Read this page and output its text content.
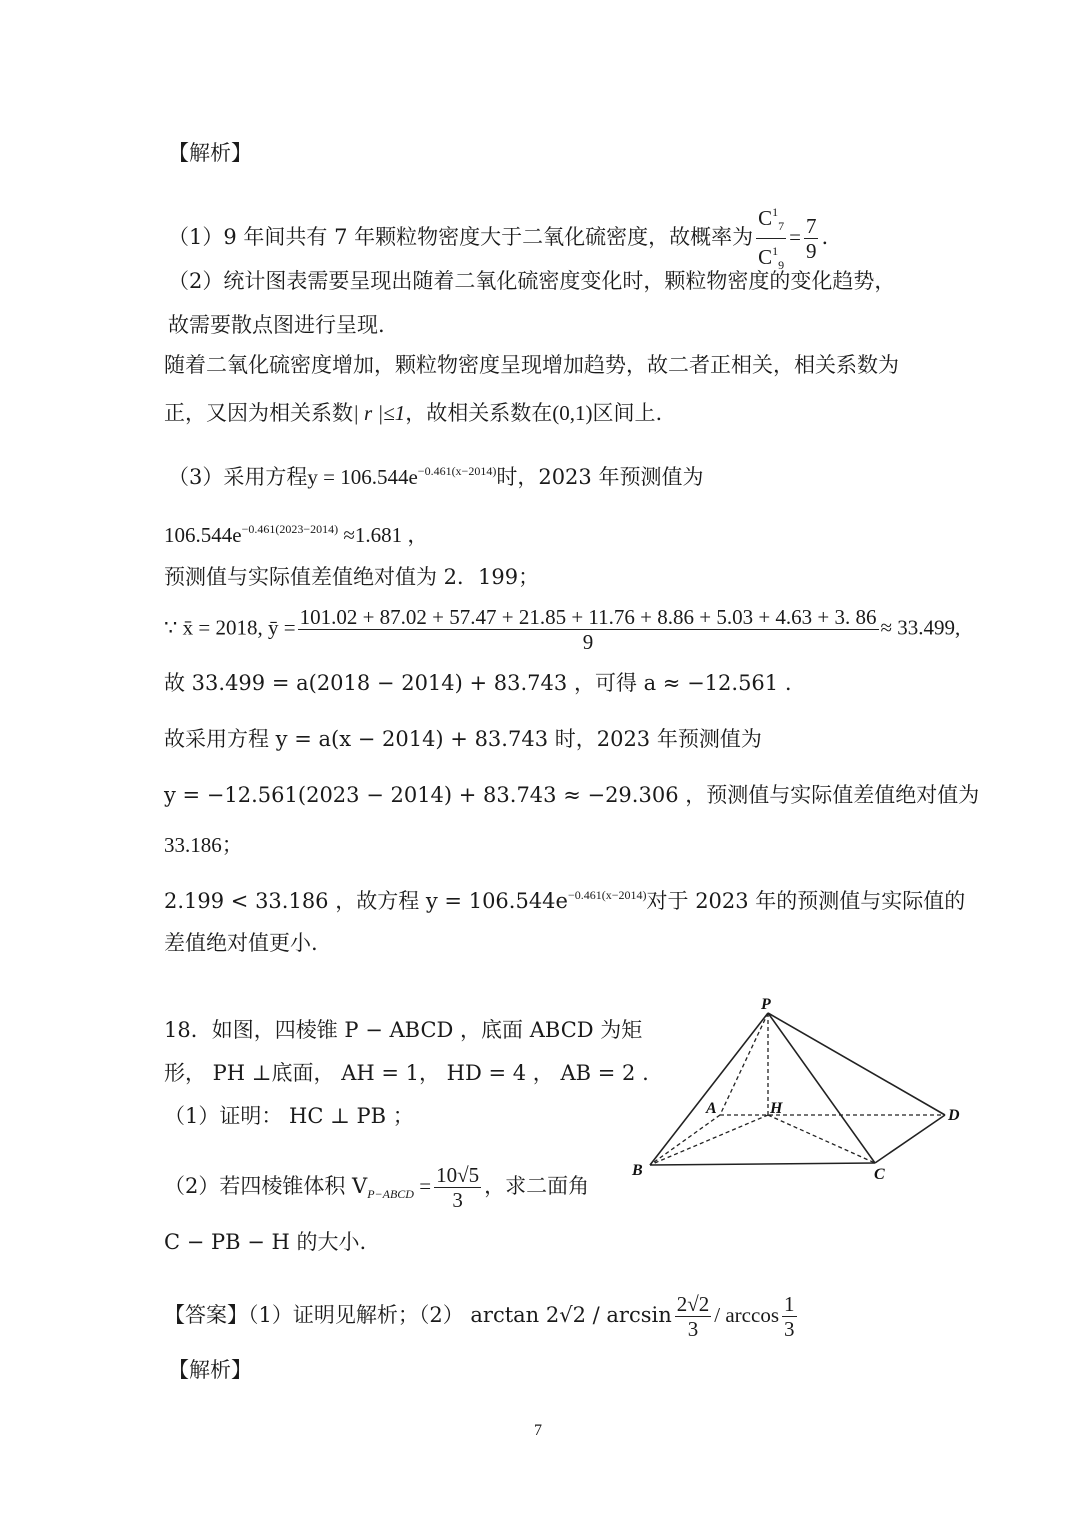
【解析】
（1）9 年间共有 7 年颗粒物密度大于二氧化硫密度，故概率为 $\frac{C^1_7}{C^1_9} = \frac{7}{9}$ .
（2）统计图表需要呈现出随着二氧化硫密度变化时，颗粒物密度的变化趋势，
故需要散点图进行呈现.
随着二氧化硫密度增加，颗粒物密度呈现增加趋势，故二者正相关，相关系数为
正，又因为相关系数| r |≤1，故相关系数在(0,1)区间上.
（3）采用方程$y = 106.544e^{-0.461(x-2014)}$时，2023 年预测值为
$106.544e^{-0.461(2023-2014)} \approx 1.681$ ，
预测值与实际值差值绝对值为 2．199；
∵ x̄ = 2018, ȳ = 101.02 + 87.02 + 57.47 + 21.85 + 11.76 + 8.86 + 5.03 + 4.63 + 3. 86
9
≈ 33.499,
故 33.499 = a(2018 − 2014) + 83.743 ，可得 a ≈ −12.561 .
故采用方程 y = a(x − 2014) + 83.743 时，2023 年预测值为
y = −12.561(2023 − 2014) + 83.743 ≈ −29.306 ，预测值与实际值差值绝对值为
33.186；
2.199 < 33.186 ，故方程 $y = 106.544e^{-0.461(x-2014)}$对于 2023 年的预测值与实际值的
差值绝对值更小.
18．如图，四棱锥 P − ABCD ，底面 ABCD 为矩
形， PH ⊥底面， AH = 1， HD = 4 ， AB = 2 .
（1）证明： HC ⊥ PB ；
（2）若四棱锥体积 $V_{P-ABCD} = \frac{10√5}{3}$ ，求二面角
C − PB − H 的大小.
【答案】（1）证明见解析；（2） $\arctan 2√2 / \arcsin \frac{2√2}{3}$ / $\arccos \frac{1}{3}$
【解析】
P
A	H	D
B	C
7
